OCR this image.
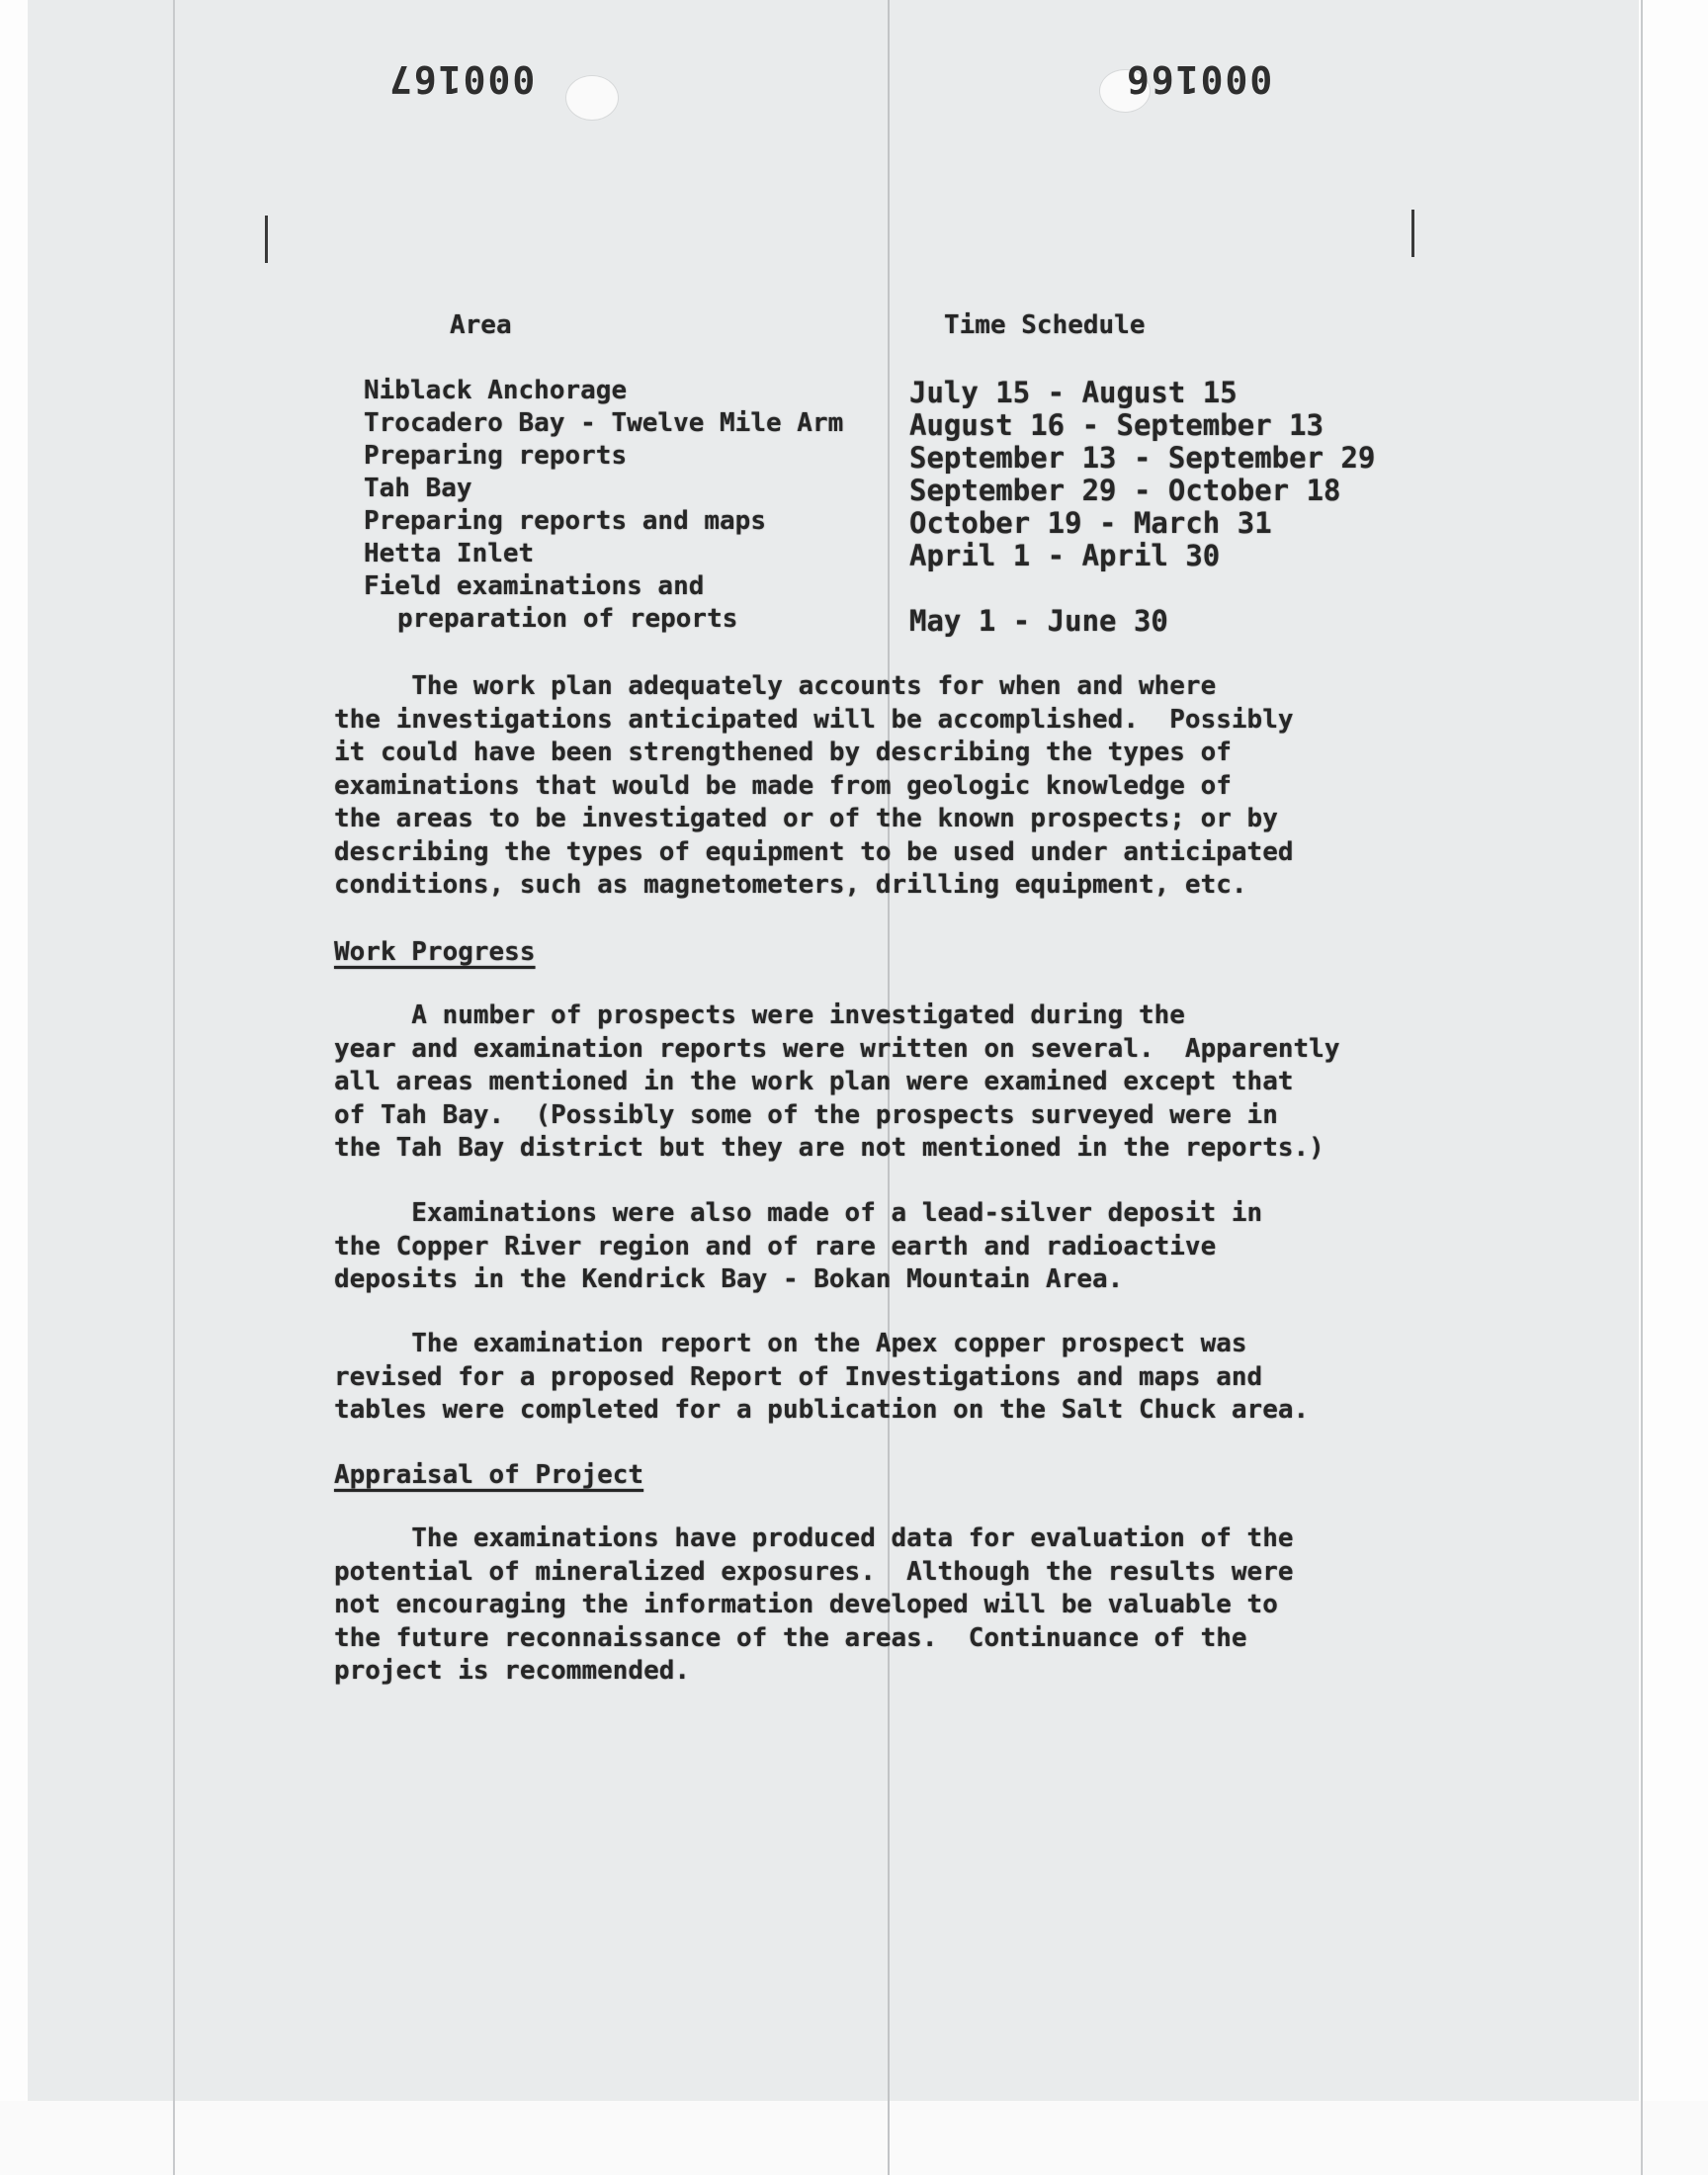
000167	000166
Area	Time Schedule
Niblack Anchorage	July 15 - August 15
Trocadero Bay - Twelve Mile Arm August 16 - September 13
Preparing reports	September 13 - September 29
Tah Bay	September 29 - October 18
Preparing reports and maps	October 19 - March 31
Hetta Inlet	April 1 - April 30
Field examinations and
preparation of reports	May 1 - June 30

The work plan adequately accounts for when and where
the investigations anticipated will be accomplished.  Possibly
it could have been strengthened by describing the types of
examinations that would be made from geologic knowledge of
the areas to be investigated or of the known prospects; or by
describing the types of equipment to be used under anticipated
conditions, such as magnetometers, drilling equipment, etc.

Work Progress

A number of prospects were investigated during the
year and examination reports were written on several.  Apparently
all areas mentioned in the work plan were examined except that
of Tah Bay.  (Possibly some of the prospects surveyed were in
the Tah Bay district but they are not mentioned in the reports.)

Examinations were also made of a lead-silver deposit in
the Copper River region and of rare earth and radioactive
deposits in the Kendrick Bay - Bokan Mountain Area.

The examination report on the Apex copper prospect was
revised for a proposed Report of Investigations and maps and
tables were completed for a publication on the Salt Chuck area.

Appraisal of Project

The examinations have produced data for evaluation of the
potential of mineralized exposures.  Although the results were
not encouraging the information developed will be valuable to
the future reconnaissance of the areas.  Continuance of the
project is recommended.
